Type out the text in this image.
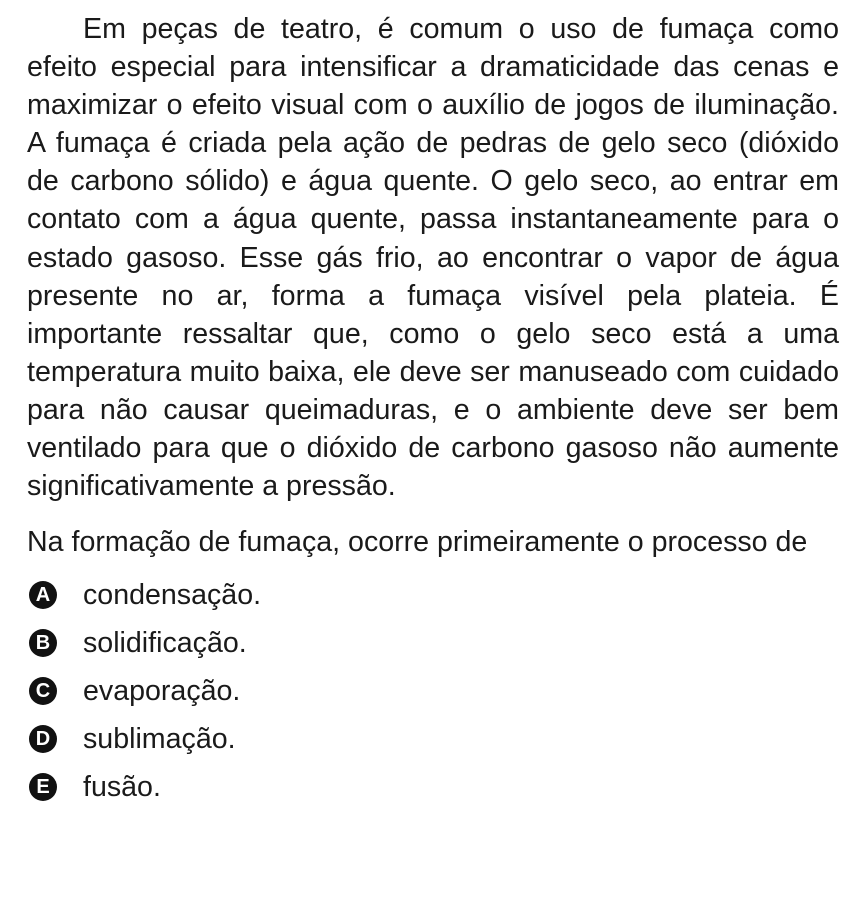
Em peças de teatro, é comum o uso de fumaça como efeito especial para intensificar a dramaticidade das cenas e maximizar o efeito visual com o auxílio de jogos de iluminação. A fumaça é criada pela ação de pedras de gelo seco (dióxido de carbono sólido) e água quente. O gelo seco, ao entrar em contato com a água quente, passa instantaneamente para o estado gasoso. Esse gás frio, ao encontrar o vapor de água presente no ar, forma a fumaça visível pela plateia. É importante ressaltar que, como o gelo seco está a uma temperatura muito baixa, ele deve ser manuseado com cuidado para não causar queimaduras, e o ambiente deve ser bem ventilado para que o dióxido de carbono gasoso não aumente significativamente a pressão.

Na formação de fumaça, ocorre primeiramente o processo de

A condensação.
B solidificação.
C evaporação.
D sublimação.
E fusão.
